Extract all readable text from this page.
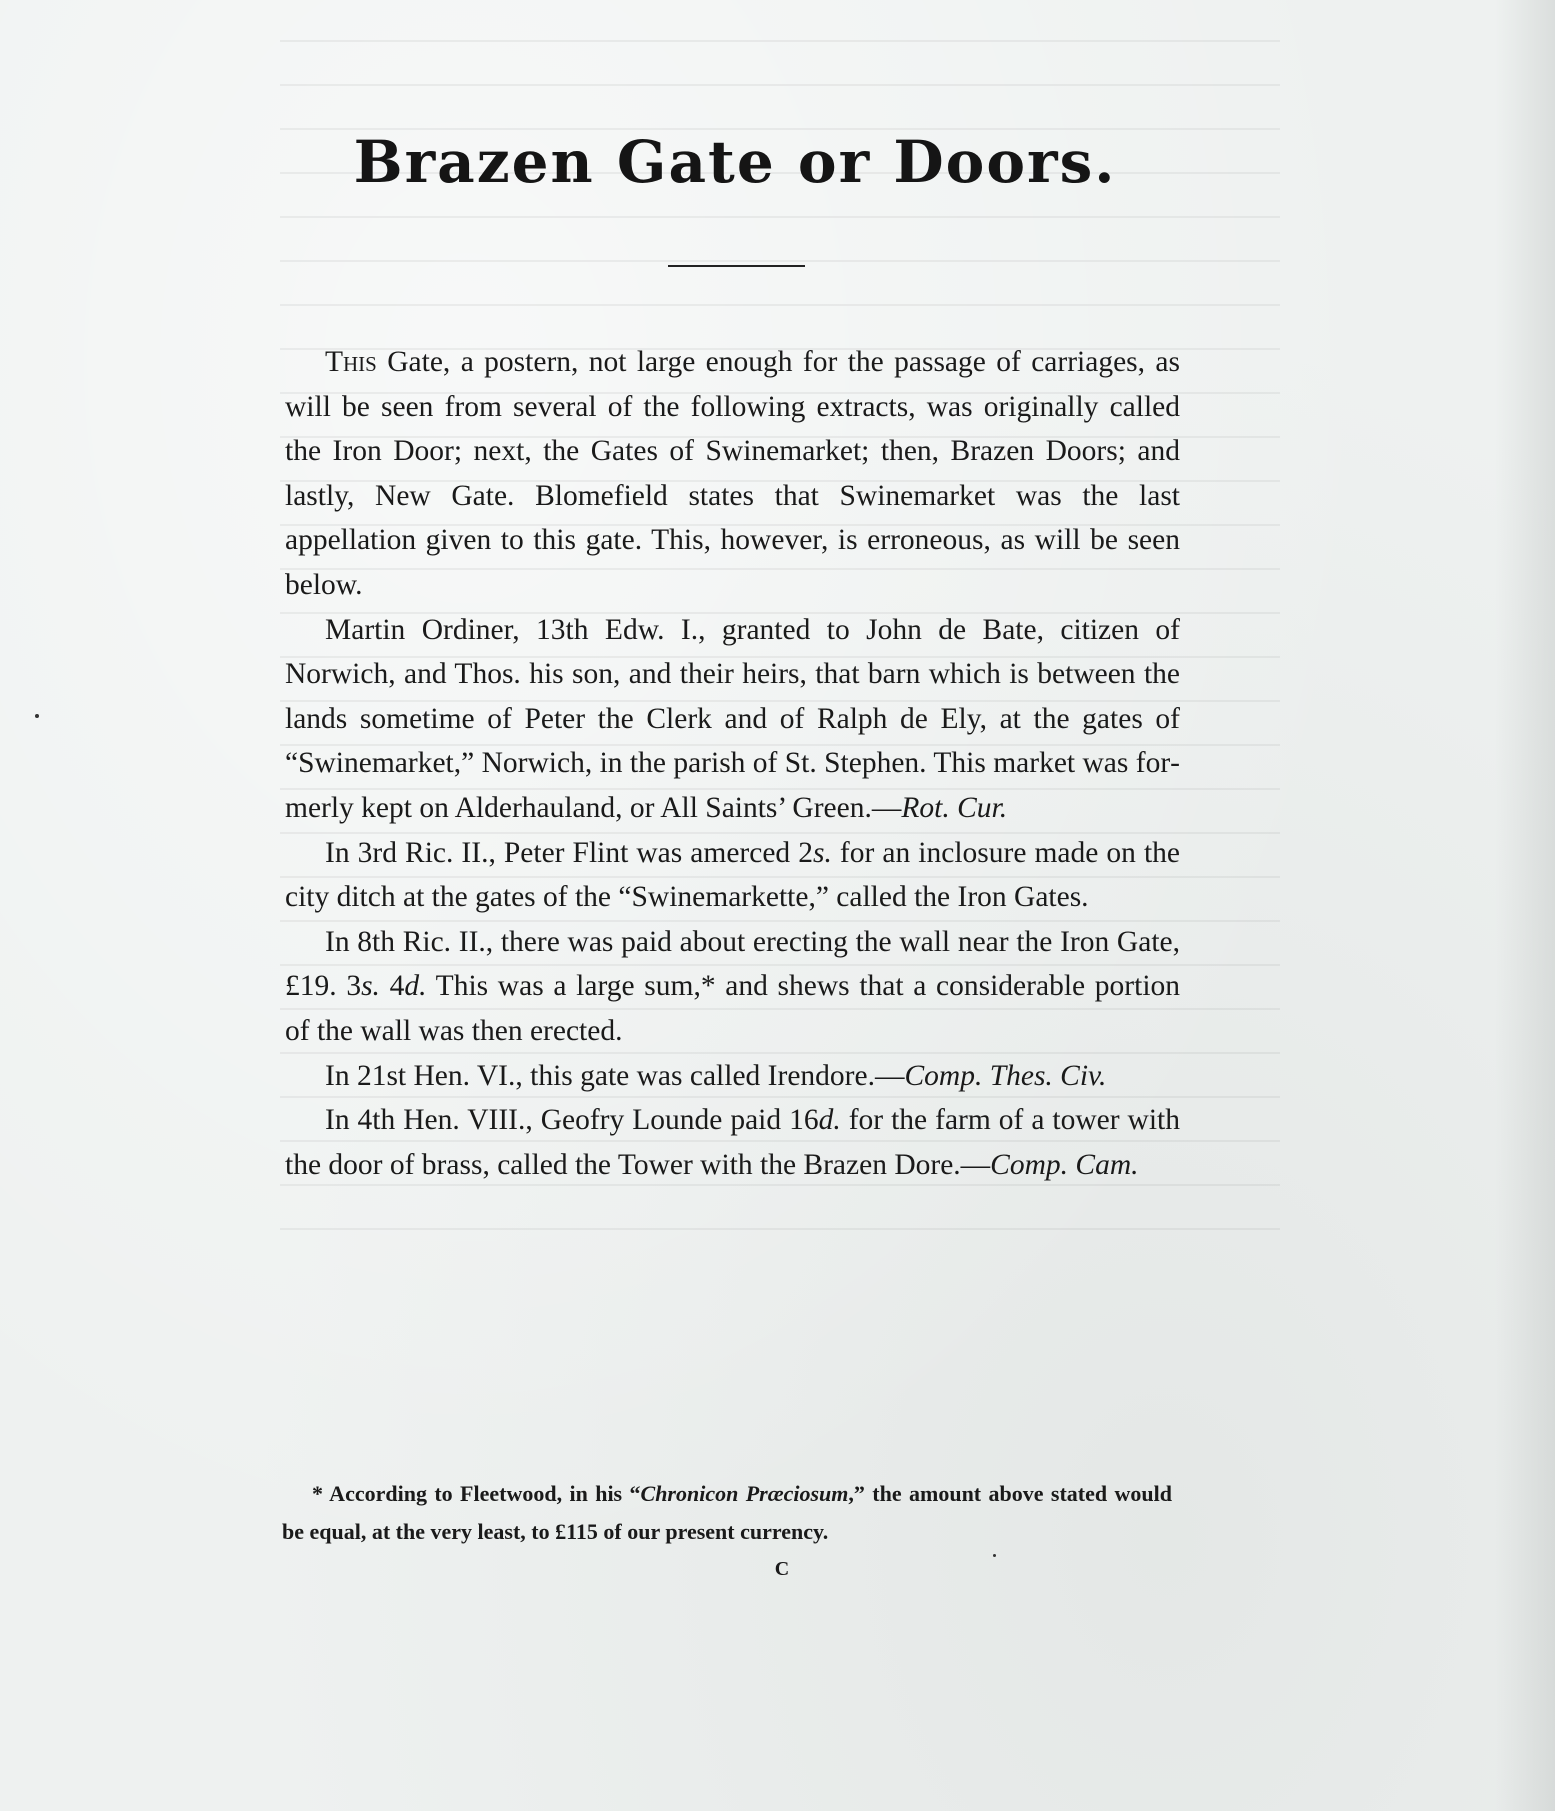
Brazen Gate or Doors.

This Gate, a postern, not large enough for the passage of carriages, as will be seen from several of the following extracts, was originally called the Iron Door; next, the Gates of Swinemarket; then, Brazen Doors; and lastly, New Gate. Blomefield states that Swinemarket was the last appellation given to this gate. This, however, is erroneous, as will be seen below.

Martin Ordiner, 13th Edw. I., granted to John de Bate, citizen of Norwich, and Thos. his son, and their heirs, that barn which is between the lands sometime of Peter the Clerk and of Ralph de Ely, at the gates of “Swinemarket,” Norwich, in the parish of St. Stephen. This market was formerly kept on Alderhauland, or All Saints’ Green.—Rot. Cur.

In 3rd Ric. II., Peter Flint was amerced 2s. for an inclosure made on the city ditch at the gates of the “Swinemarkette,” called the Iron Gates.

In 8th Ric. II., there was paid about erecting the wall near the Iron Gate, £19. 3s. 4d. This was a large sum,* and shews that a considerable portion of the wall was then erected.

In 21st Hen. VI., this gate was called Irendore.—Comp. Thes. Civ.

In 4th Hen. VIII., Geofry Lounde paid 16d. for the farm of a tower with the door of brass, called the Tower with the Brazen Dore.—Comp. Cam.

* According to Fleetwood, in his “Chronicon Præciosum,” the amount above stated would be equal, at the very least, to £115 of our present currency.

C
